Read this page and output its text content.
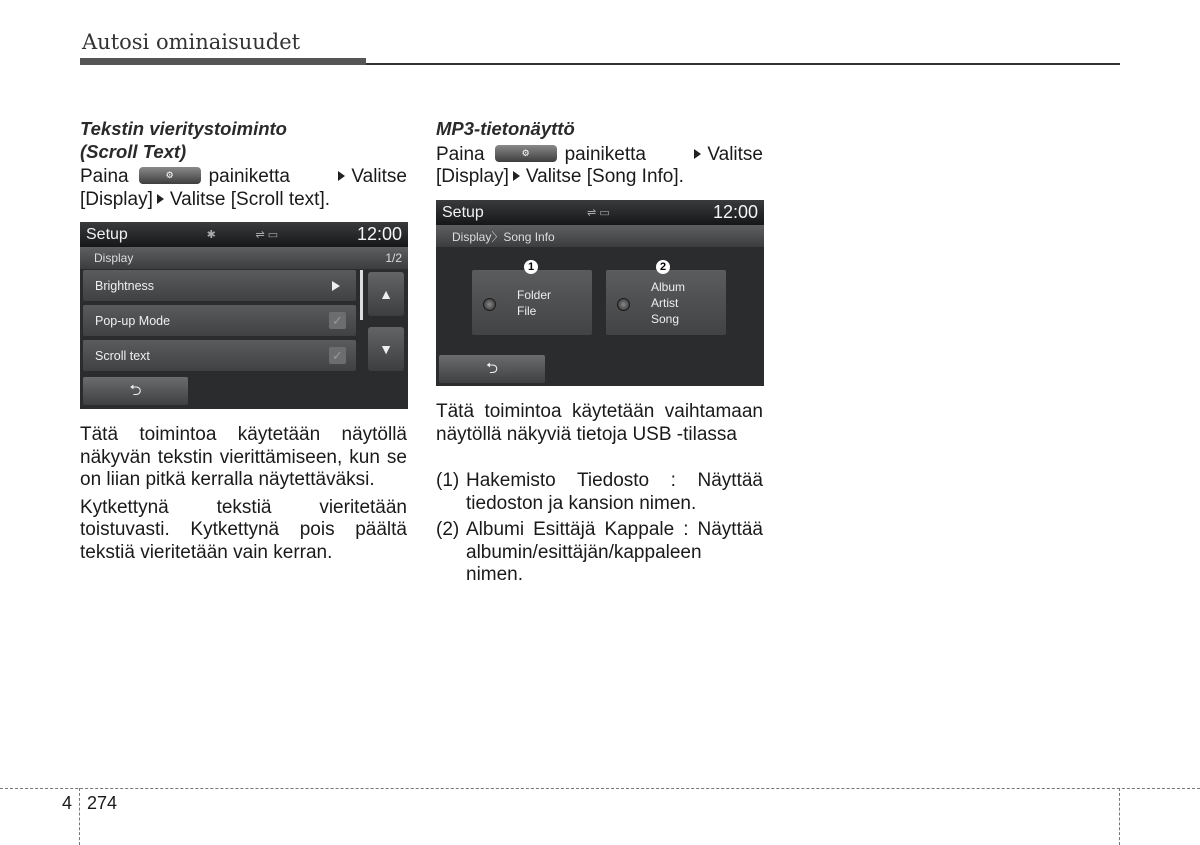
Autosi ominaisuudet

Tekstin vieritystoiminto
(Scroll Text)

Paina	⚙	painiketta	Valitse
[Display] Valitse [Scroll text].
Setup	✱	⇌ ▭	12:00
Display	1/2
Brightness
Pop-up Mode	✓
Scroll text	✓
▲
▼
⮌

Tätä toimintoa käytetään näytöllä näkyvän tekstin vierittämiseen, kun se on liian pitkä kerralla näytettäväksi.

Kytkettynä tekstiä vieritetään toistuvasti. Kytkettynä pois päältä tekstiä vieritetään vain kerran.

MP3-tietonäyttö

Paina	⚙	painiketta	Valitse
[Display] Valitse [Song Info].
Setup	⇌ ▭	12:00
Display〉Song Info
Folder
File
Album
Artist
Song
1	2
⮌

Tätä toimintoa käytetään vaihtamaan näytöllä näkyviä tietoja USB -tilassa

(1) Hakemisto Tiedosto : Näyttää tiedoston ja kansion nimen.
(2) Albumi Esittäjä Kappale : Näyttää albumin/esittäjän/kappaleen nimen.
4 274
